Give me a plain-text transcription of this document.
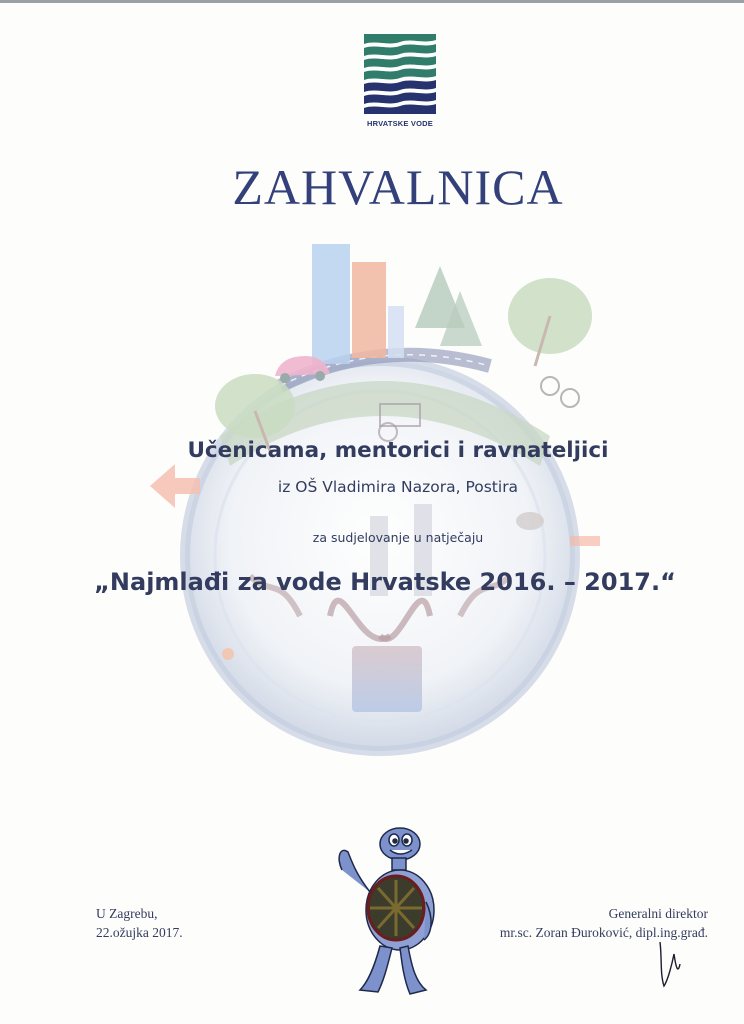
HRVATSKE VODE
ZAHVALNICA
Učenicama, mentorici i ravnateljici
iz OŠ Vladimira Nazora, Postira
za sudjelovanje u natječaju
„Najmlađi za vode Hrvatske 2016. – 2017.“
U Zagrebu,
22.ožujka 2017.
Generalni direktor
mr.sc. Zoran Đuroković, dipl.ing.građ.
